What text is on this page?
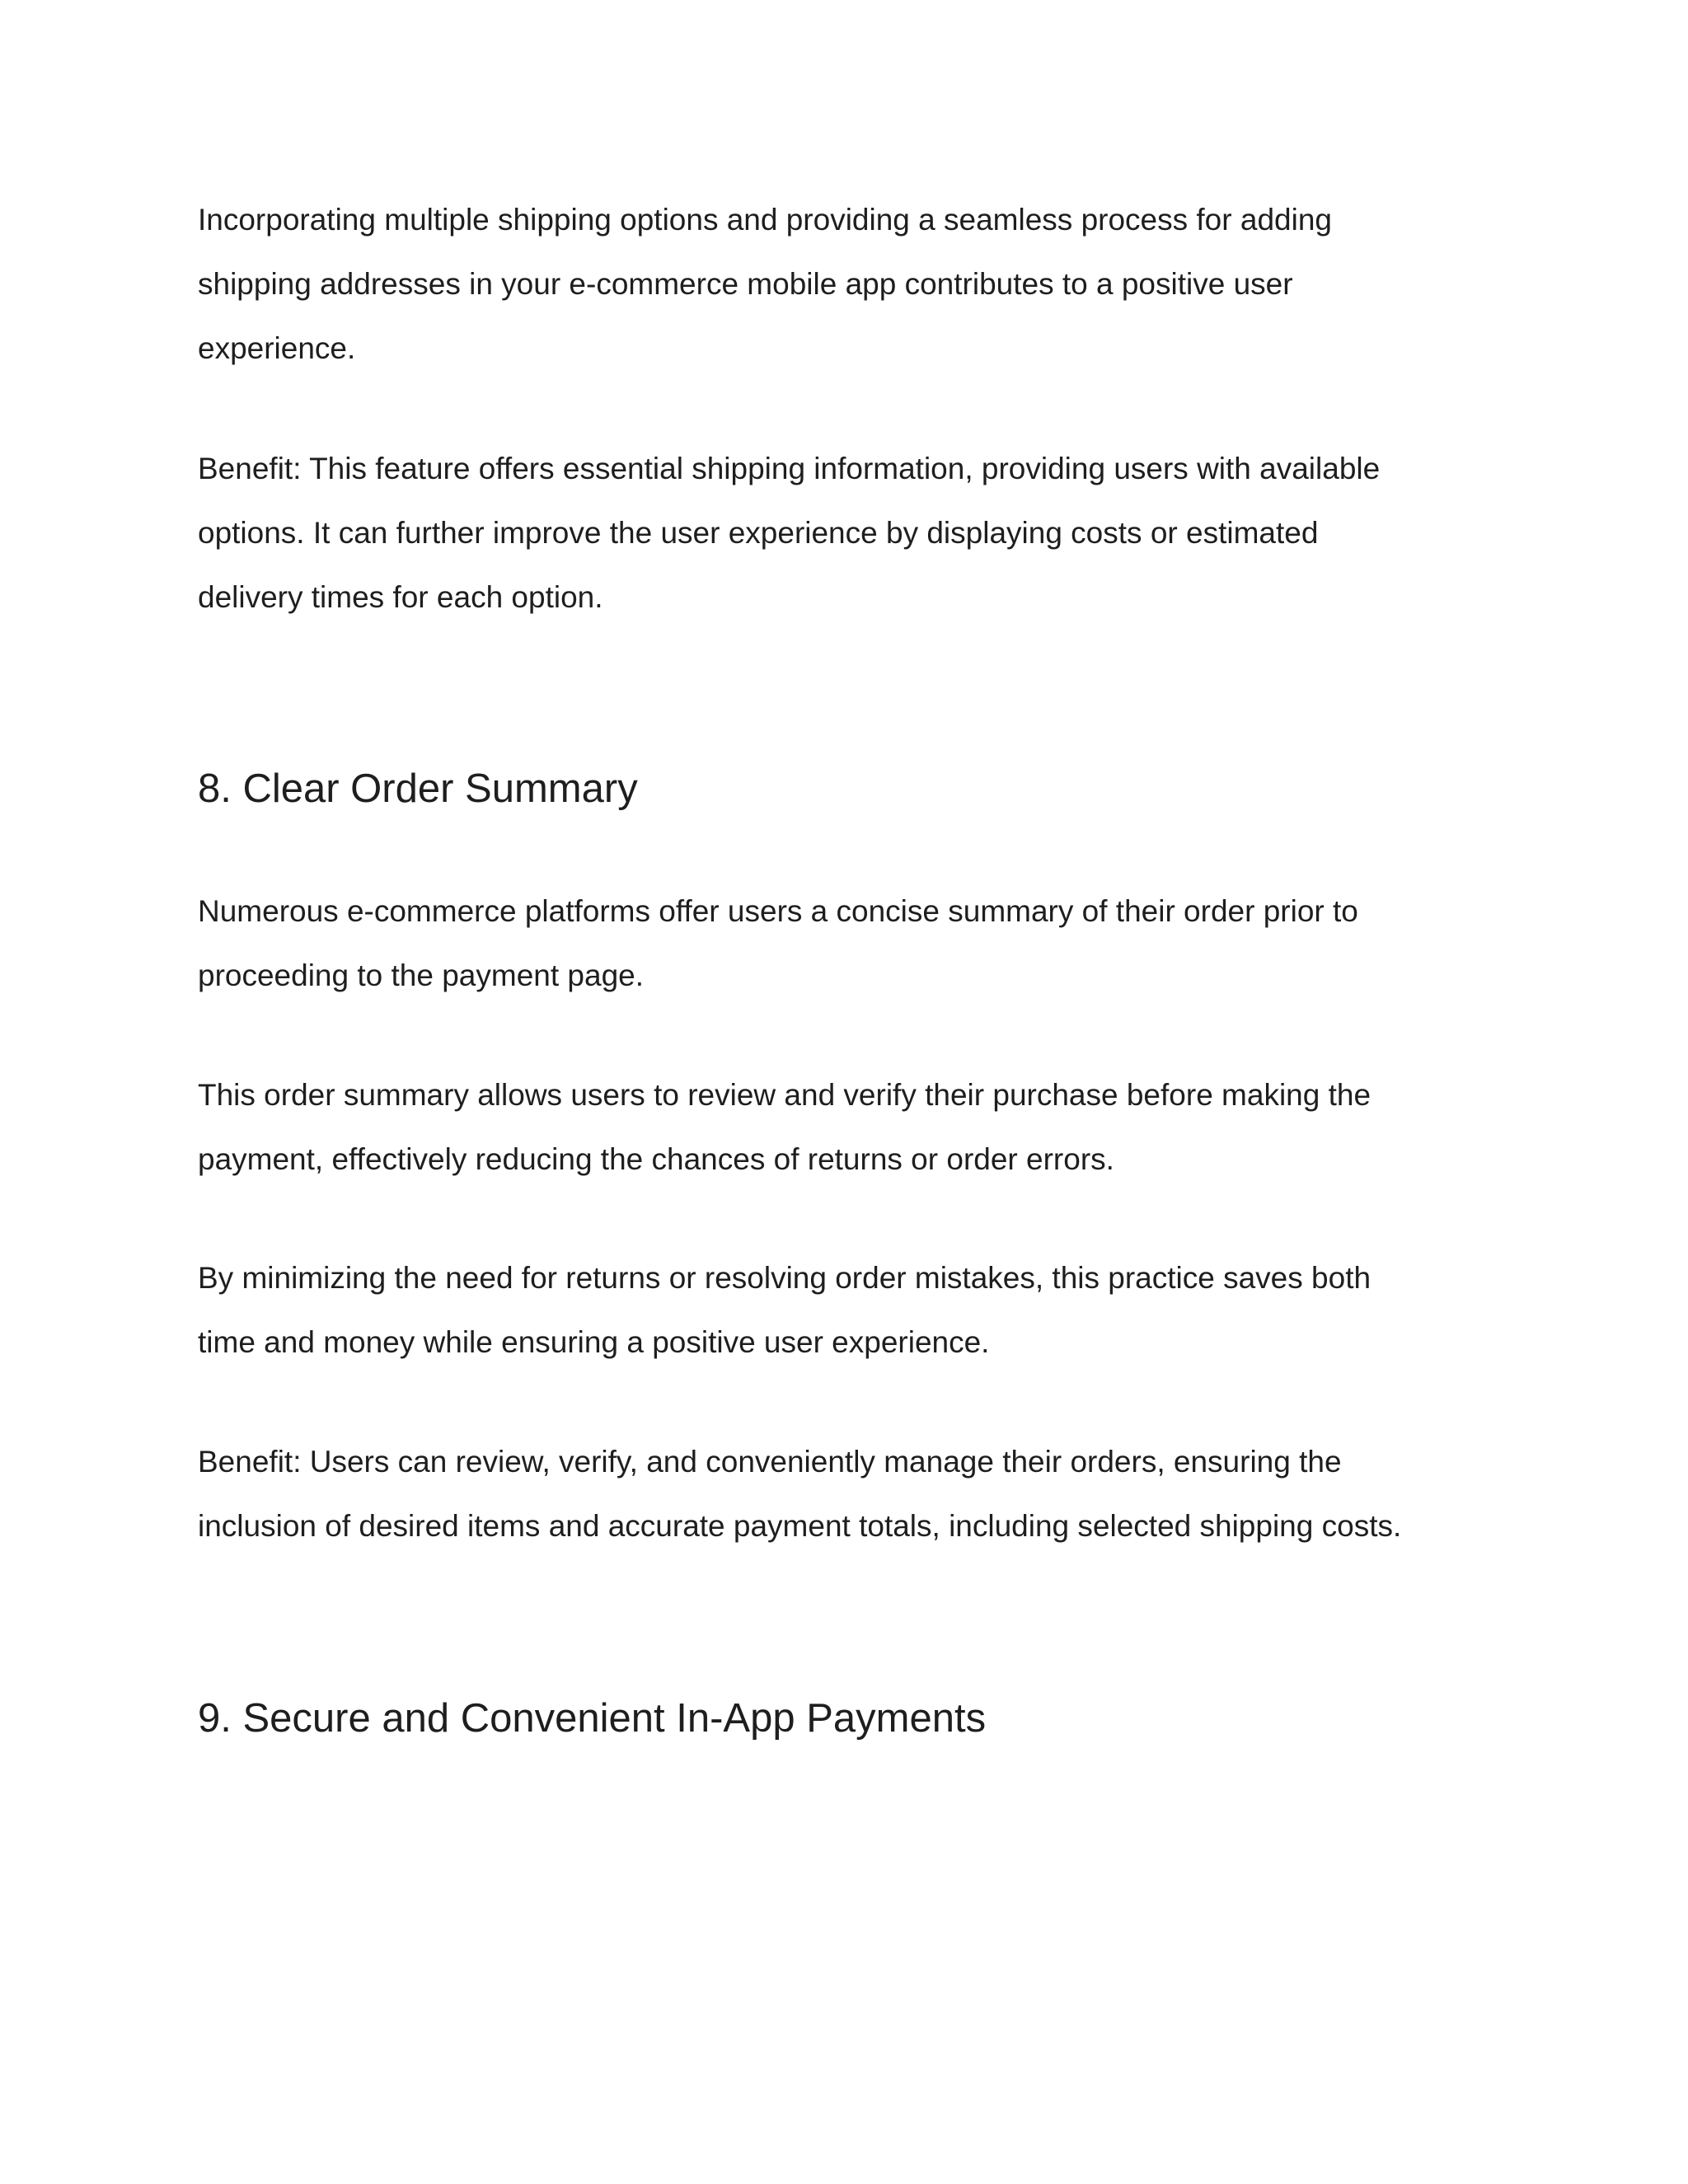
Incorporating multiple shipping options and providing a seamless process for adding

shipping addresses in your e-commerce mobile app contributes to a positive user

experience.

Benefit: This feature offers essential shipping information, providing users with available

options. It can further improve the user experience by displaying costs or estimated

delivery times for each option.

8. Clear Order Summary

Numerous e-commerce platforms offer users a concise summary of their order prior to

proceeding to the payment page.

This order summary allows users to review and verify their purchase before making the

payment, effectively reducing the chances of returns or order errors.

By minimizing the need for returns or resolving order mistakes, this practice saves both

time and money while ensuring a positive user experience.

Benefit: Users can review, verify, and conveniently manage their orders, ensuring the

inclusion of desired items and accurate payment totals, including selected shipping costs.

9. Secure and Convenient In-App Payments
